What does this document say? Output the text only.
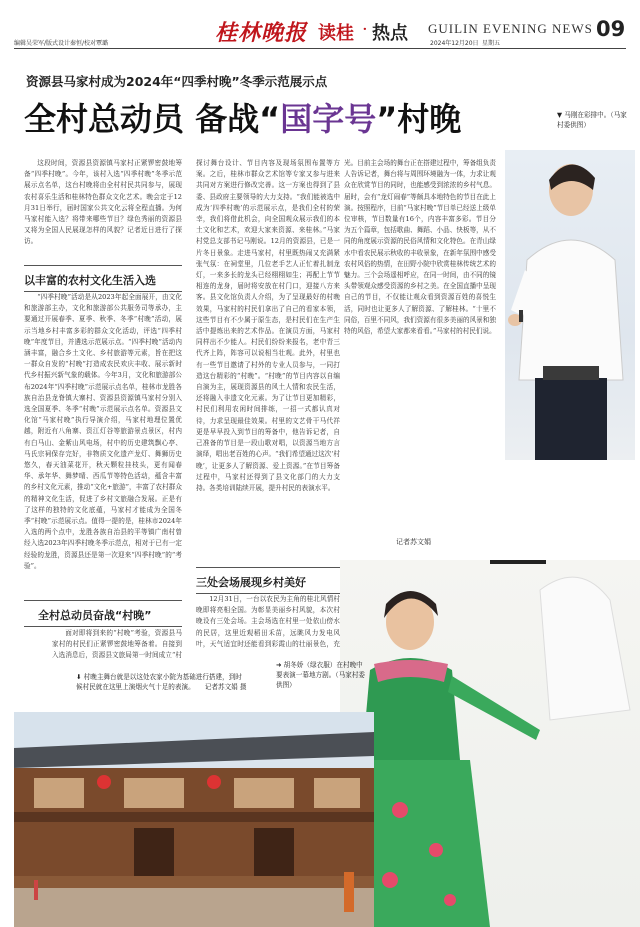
编辑吴荣军/版式设计秦恒/校对覃璐	桂林晚报 读桂 · 热点 GUILIN EVENING NEWS
2024年12月20日 星期五
09
资源县马家村成为2024年“四季村晚”冬季示范展示点
全村总动员 备战“国字号”村晚	▼ 马刚在彩排中。（马家村委供图）

这段时间，资源县资源镇马家村正紧锣密鼓地筹备“四季村晚”。今年，该村入选“四季村晚”冬季示范展示点名单，这台村晚将由全村村民共同参与，展现农村喜乐生活和桂林特色群众文化艺术。晚会定于12月31日举行，届时国家公共文化云将全程直播。为何马家村能入选？将带来哪些节目？绿色秀丽的资源县又将为全国人民展现怎样的风貌？记者近日进行了探访。

以丰富的农村文化生活入选

“四季村晚”活动是从2023年起全面展开，由文化和旅游部主办，文化和旅游部公共服务司等承办，主要通过开展春季、夏季、秋季、冬季“村晚”活动，展示当地乡村丰富多彩的群众文化活动，评选“四季村晚”年度节目，并遴选示范展示点。“四季村晚”活动内涵丰富，融合乡土文化、乡村旅游等元素，旨在把这一群众自发的“村晚”打造成农民欢庆丰收、展示新时代乡村振兴新气象的载体。今年3月，文化和旅游部公布2024年“四季村晚”示范展示点名单，桂林市龙胜各族自治县龙脊镇大寨村、资源县资源镇马家村分别入选全国夏季、冬季“村晚”示范展示点名单。资源县文化馆“马家村晚”执行导演介绍，马家村地理位置优越，附近有八角寨、资江灯谷等旅游景点景区，村内有白马山、金紫山风电场，村中的历史建筑飘心亭、马氏宗祠保存完好，非物质文化遗产龙灯、舞狮历史悠久，春天油菜花开，秋天颗粒挂枝头，更有闻春华、承年华、舞梦晴、西瓜节等特色活动，蕴含丰富的乡村文化元素，推动“文化+旅游”，丰富了农村群众的精神文化生活，促进了乡村文旅融合发展。正是有了这样的独特的文化底蕴，马家村才能成为全国冬季“村晚”示范展示点。值得一提的是，桂林市2024年入选的两个点中，龙胜各族自治县的平等镇广南村曾经入选2023年四季村晚冬季示范点，相对于已有一定经验的龙胜，资源县还是第一次迎来“四季村晚”的“考验”。

全村总动员奋战“村晚”

面对即将到来的“村晚”考验，资源县马家村的村民们正紧锣密鼓地筹备着。自接到入选消息后，资源县文旅局第一时间成立“村

探讨舞台设计、节目内容及现场氛围布置等方案。之后，桂林市群众艺术馆等专家又参与进来共同对方案进行修改完善。这一方案也得到了县委、县政府主要领导的大力支持。“我们能被选中成为‘四季村晚’的示范展示点，是我们全村的荣幸，我们将借此机会，向全国观众展示我们的本土文化和艺术，欢迎大家来资源、来桂林。”马家村党总支部书记马刚说。12月的资源县，已是一片冬日景象。走进马家村，村里既热闹又充满紧张气氛：在祠堂里，几位老手艺人正忙着扎制龙灯，一来多长的龙头已经栩栩如生；再配上节节相连的龙身，届时将安放在村门口，迎接八方来客。县文化馆负责人介绍，为了呈现最好的村晚效果，马家村的村民们拿出了自己的看家本领，这些节目有不少属于原生态，是村民们在生产生活中提炼出来的艺术作品。在演员方面，马家村同样出不少能人。村民们纷纷来报名，老中青三代齐上阵，阵容可以说相当壮观。此外，村里也有一些节目邀请了村外的专业人员参与，一同打造这台精彩的“村晚”。“村晚”的节目内容以自编自演为主，展现资源县的风土人情和农民生活，还将融入非遗文化元素。为了让节目更加精彩，村民们利用农闲时间排练，一招一式都认真对待，力求呈现最佳效果。村里的文艺骨干马代祥更是早早投入到节目的筹备中，他告诉记者，自己准备的节目是一段山歌对唱，以资源当地方言演绎，唱出老百姓的心声。“我们希望通过这次‘村晚’，让更多人了解资源、爱上资源。”在节目筹备过程中，马家村还得到了县文化部门的大力支持。各类培训陆续开展，提升村民的表演水平。

三处会场展现乡村美好

12月31日，一台以农民为主角的桂北风情村晚即将亮相全国。为彰显美丽乡村风貌，本次村晚设有三处会场。主会场选在村里一处依山傍水的民居，这里近观稻田禾苗，远眺风力发电风叶，天气适宜时还能看到彩霞山的壮丽景色，充

光。目前主会场的舞台正在搭建过程中，筹备组负责人告诉记者，舞台将与周围环境融为一体，力求让观众在欣赏节目的同时，也能感受到浓浓的乡村气息。届时，会有“龙灯闹春”等颇具本地特色的节目在此上演。按照程序，目前“马家村晚”节目单已经送上级单位审核，节目数量有16个，内容丰富多彩。节目分为五个篇章，包括歌曲、舞蹈、小品、快板等，从不同的角度展示资源的民俗风情和文化特色。在青山绿水中看农民展示秋收的丰收景象，在新年氛围中感受农村风俗的热情，在田野小院中欣赏桂林传统艺术的魅力。三个会场遥相呼应，在同一时间，由不同的镜头带领观众感受资源的乡村之美。在全国直播中呈现自己的节目，不仅能让观众看到资源百姓的喜悦生活，同时也让更多人了解资源、了解桂林。“十里不同俗，百里不同风，我们资源有很多美丽的风景和独特的风俗，希望大家都来看看。”马家村的村民们说。

记者苏文娟
➜ 胡冬娇（绿衣服）在村晚中要表演一幕地方剧。（马家村委供图）
⬇ 村晚主舞台就是以这处农家小院为基础进行搭建，到时候村民就在这里上演烟火气十足的表演。 记者苏文娟 摄
